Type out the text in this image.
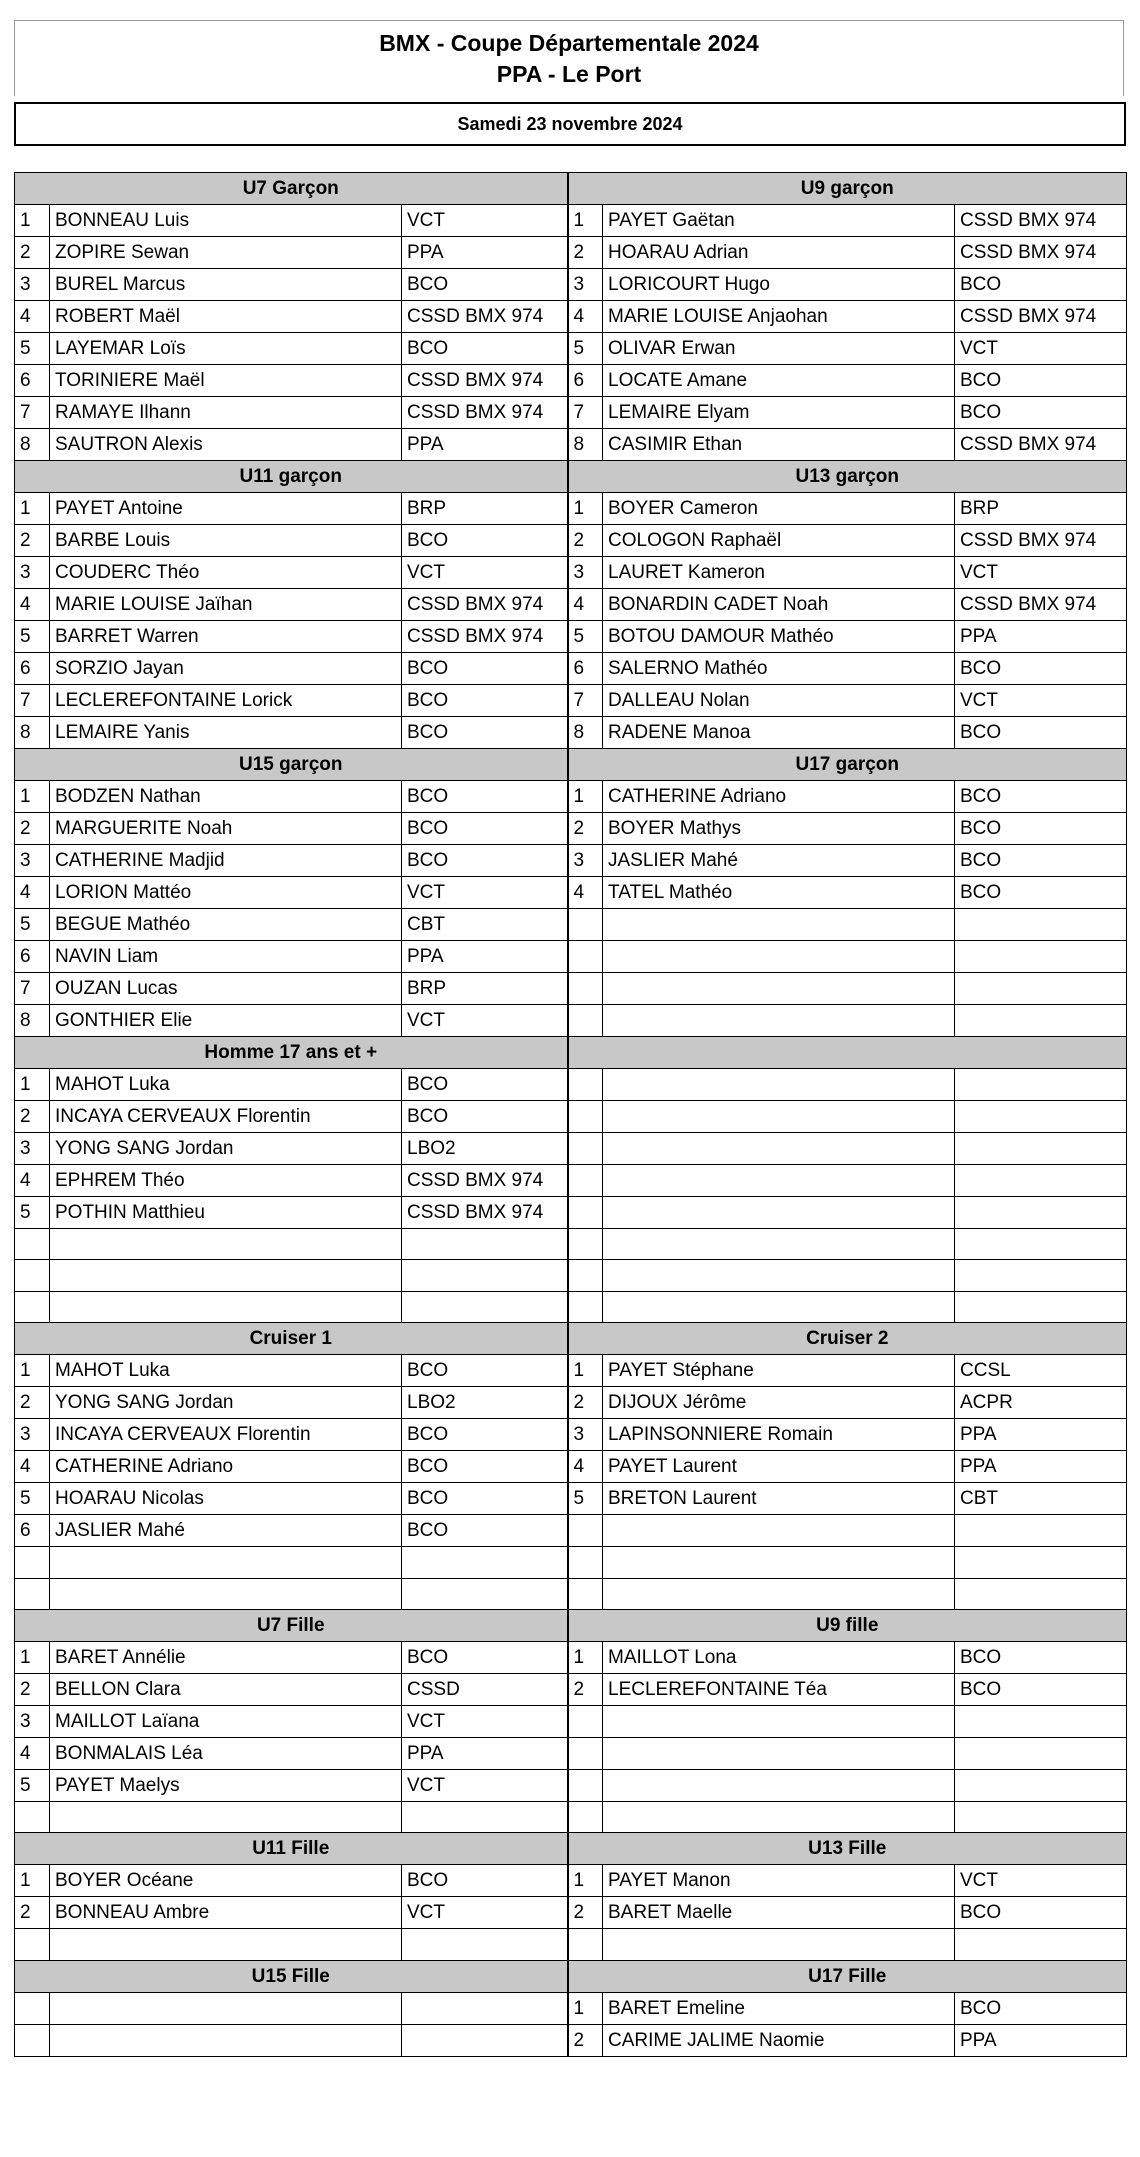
BMX - Coupe Départementale 2024
PPA - Le Port
Samedi 23 novembre 2024
U7 Garçon			U9 garçon		
1	BONNEAU Luis	VCT	1	PAYET Gaëtan	CSSD BMX 974
2	ZOPIRE Sewan	PPA	2	HOARAU Adrian	CSSD BMX 974
3	BUREL Marcus	BCO	3	LORICOURT Hugo	BCO
4	ROBERT Maël	CSSD BMX 974	4	MARIE LOUISE Anjaohan	CSSD BMX 974
5	LAYEMAR Loïs	BCO	5	OLIVAR Erwan	VCT
6	TORINIERE Maël	CSSD BMX 974	6	LOCATE Amane	BCO
7	RAMAYE Ilhann	CSSD BMX 974	7	LEMAIRE Elyam	BCO
8	SAUTRON Alexis	PPA	8	CASIMIR Ethan	CSSD BMX 974
U11 garçon			U13 garçon		
1	PAYET Antoine	BRP	1	BOYER Cameron	BRP
2	BARBE Louis	BCO	2	COLOGON Raphaël	CSSD BMX 974
3	COUDERC Théo	VCT	3	LAURET Kameron	VCT
4	MARIE LOUISE Jaïhan	CSSD BMX 974	4	BONARDIN CADET Noah	CSSD BMX 974
5	BARRET Warren	CSSD BMX 974	5	BOTOU DAMOUR Mathéo	PPA
6	SORZIO Jayan	BCO	6	SALERNO Mathéo	BCO
7	LECLEREFONTAINE Lorick	BCO	7	DALLEAU Nolan	VCT
8	LEMAIRE Yanis	BCO	8	RADENE Manoa	BCO
U15 garçon			U17 garçon		
1	BODZEN Nathan	BCO	1	CATHERINE Adriano	BCO
2	MARGUERITE Noah	BCO	2	BOYER Mathys	BCO
3	CATHERINE Madjid	BCO	3	JASLIER Mahé	BCO
4	LORION Mattéo	VCT	4	TATEL Mathéo	BCO
5	BEGUE Mathéo	CBT			
6	NAVIN Liam	PPA			
7	OUZAN Lucas	BRP			
8	GONTHIER Elie	VCT			
Homme 17 ans et +					
1	MAHOT Luka	BCO			
2	INCAYA CERVEAUX Florentin	BCO			
3	YONG SANG Jordan	LBO2			
4	EPHREM Théo	CSSD BMX 974			
5	POTHIN Matthieu	CSSD BMX 974			

Cruiser 1			Cruiser 2		
1	MAHOT Luka	BCO	1	PAYET Stéphane	CCSL
2	YONG SANG Jordan	LBO2	2	DIJOUX Jérôme	ACPR
3	INCAYA CERVEAUX Florentin	BCO	3	LAPINSONNIERE Romain	PPA
4	CATHERINE Adriano	BCO	4	PAYET Laurent	PPA
5	HOARAU Nicolas	BCO	5	BRETON Laurent	CBT
6	JASLIER Mahé	BCO			

U7 Fille			U9 fille		
1	BARET Annélie	BCO	1	MAILLOT Lona	BCO
2	BELLON Clara	CSSD	2	LECLEREFONTAINE Téa	BCO
3	MAILLOT Laïana	VCT			
4	BONMALAIS Léa	PPA			
5	PAYET Maelys	VCT			

U11 Fille			U13 Fille		
1	BOYER Océane	BCO	1	PAYET Manon	VCT
2	BONNEAU Ambre	VCT	2	BARET Maelle	BCO

U15 Fille			U17 Fille		
			1	BARET Emeline	BCO
			2	CARIME JALIME Naomie	PPA
